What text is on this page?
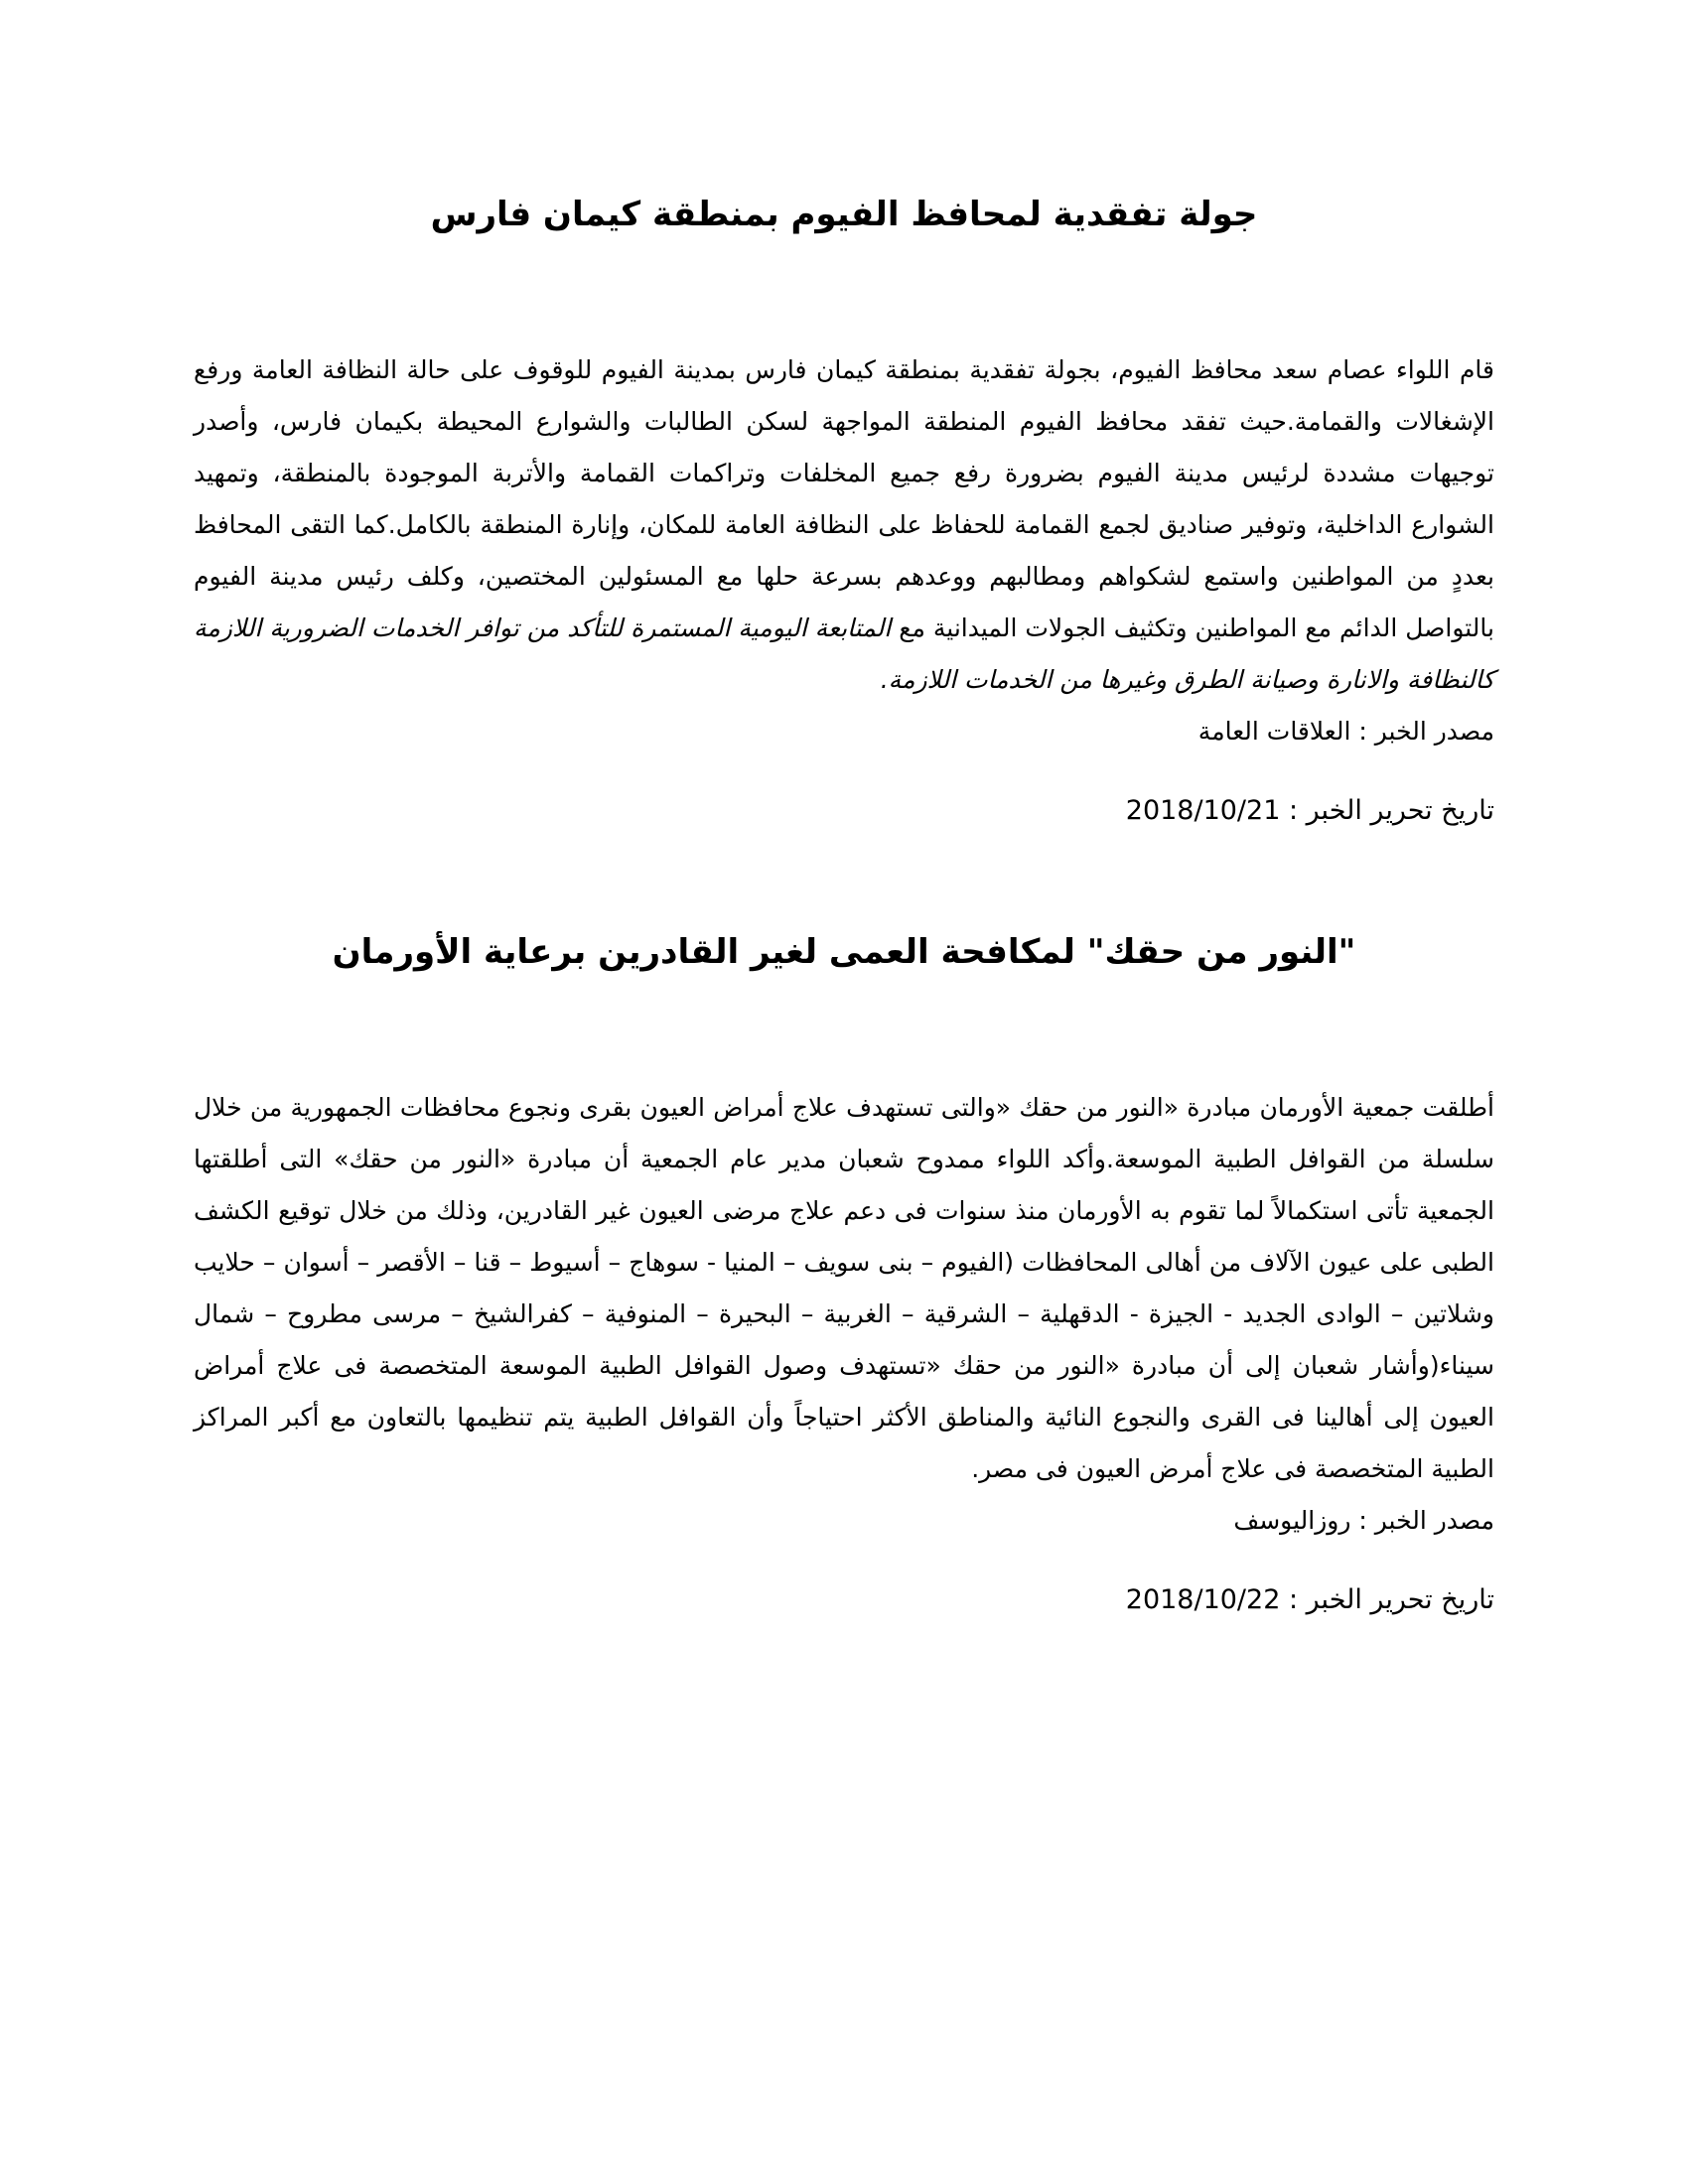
جولة تفقدية لمحافظ الفيوم بمنطقة كيمان فارس

قام اللواء عصام سعد محافظ الفيوم، بجولة تفقدية بمنطقة كيمان فارس بمدينة الفيوم للوقوف على حالة النظافة العامة ورفع الإشغالات والقمامة.حيث تفقد محافظ الفيوم المنطقة المواجهة لسكن الطالبات والشوارع المحيطة بكيمان فارس، وأصدر توجيهات مشددة لرئيس مدينة الفيوم بضرورة رفع جميع المخلفات وتراكمات القمامة والأتربة الموجودة بالمنطقة، وتمهيد الشوارع الداخلية، وتوفير صناديق لجمع القمامة للحفاظ على النظافة العامة للمكان، وإنارة المنطقة بالكامل.كما التقى المحافظ بعددٍ من المواطنين واستمع لشكواهم ومطالبهم ووعدهم بسرعة حلها مع المسئولين المختصين، وكلف رئيس مدينة الفيوم بالتواصل الدائم مع المواطنين وتكثيف الجولات الميدانية مع المتابعة اليومية المستمرة للتأكد من توافر الخدمات الضرورية اللازمة كالنظافة والانارة وصيانة الطرق وغيرها من الخدمات اللازمة.

مصدر الخبر : العلاقات العامة

تاريخ تحرير الخبر : 2018/10/21

"النور من حقك" لمكافحة العمى لغير القادرين برعاية الأورمان

أطلقت جمعية الأورمان مبادرة «النور من حقك «والتى تستهدف علاج أمراض العيون بقرى ونجوع محافظات الجمهورية من خلال سلسلة من القوافل الطبية الموسعة.وأكد اللواء ممدوح شعبان مدير عام الجمعية أن مبادرة «النور من حقك» التى أطلقتها الجمعية تأتى استكمالاً لما تقوم به الأورمان منذ سنوات فى دعم علاج مرضى العيون غير القادرين، وذلك من خلال توقيع الكشف الطبى على عيون الآلاف من أهالى المحافظات (الفيوم – بنى سويف – المنيا - سوهاج – أسيوط – قنا – الأقصر – أسوان – حلايب وشلاتين – الوادى الجديد - الجيزة - الدقهلية – الشرقية – الغربية – البحيرة – المنوفية – كفرالشيخ – مرسى مطروح – شمال سيناء(وأشار شعبان إلى أن مبادرة «النور من حقك «تستهدف وصول القوافل الطبية الموسعة المتخصصة فى علاج أمراض العيون إلى أهالينا فى القرى والنجوع النائية والمناطق الأكثر احتياجاً وأن القوافل الطبية يتم تنظيمها بالتعاون مع أكبر المراكز الطبية المتخصصة فى علاج أمرض العيون فى مصر.

مصدر الخبر : روزاليوسف

تاريخ تحرير الخبر : 2018/10/22
